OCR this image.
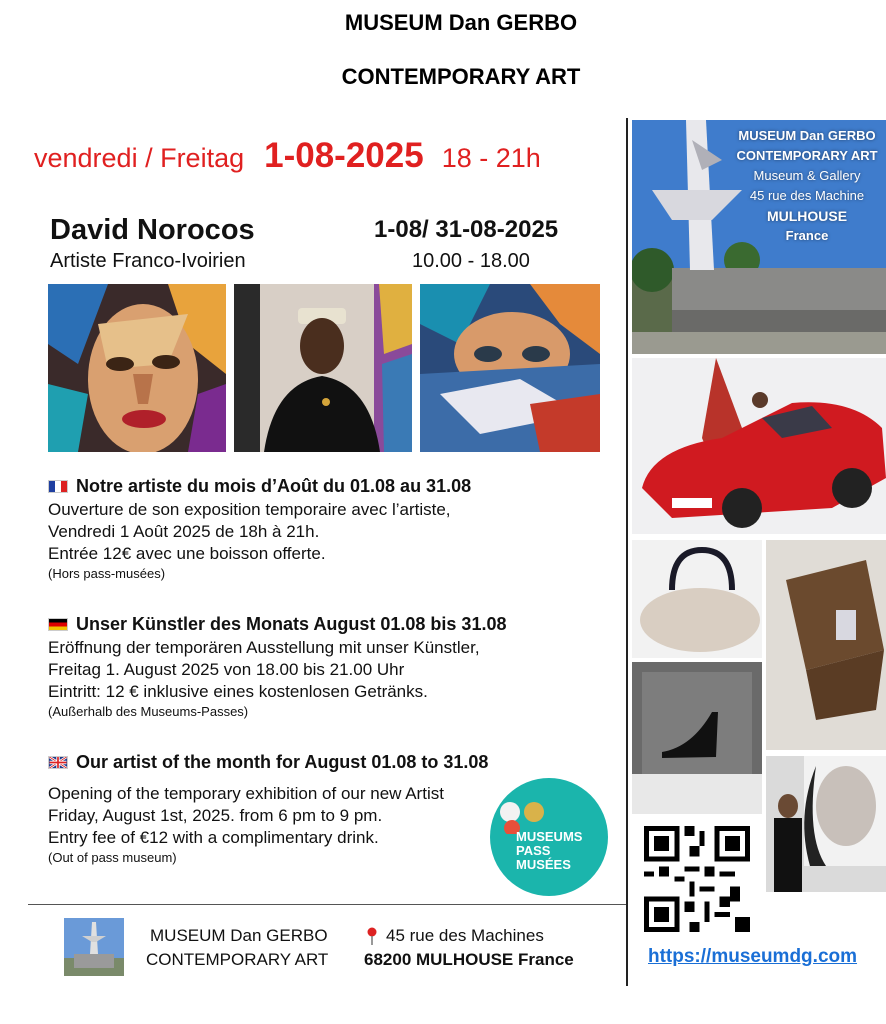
MUSEUM Dan GERBO
CONTEMPORARY ART
vendredi / Freitag 1-08-2025 18 - 21h
David Norocos
Artiste Franco-Ivoirien
1-08/ 31-08-2025
10.00 - 18.00
Notre artiste du mois d’Août du 01.08 au 31.08
Ouverture de son exposition temporaire avec l’artiste,
Vendredi 1 Août 2025 de 18h à 21h.
Entrée 12€ avec une boisson offerte.
(Hors pass-musées)
Unser Künstler des Monats August 01.08 bis 31.08
Eröffnung der temporären Ausstellung mit unser Künstler,
Freitag 1. August 2025 von 18.00 bis 21.00 Uhr
Eintritt: 12 € inklusive eines kostenlosen Getränks.
(Außerhalb des Museums-Passes)
Our artist of the month for August 01.08 to 31.08
Opening of the temporary exhibition of our new Artist
Friday, August 1st, 2025. from 6 pm to 9 pm.
Entry fee of €12 with a complimentary drink.
(Out of pass museum)
MUSEUMS
PASS
MUSÉES
MUSEUM Dan GERBO
CONTEMPORARY ART
45 rue des Machines
68200 MULHOUSE France
MUSEUM Dan GERBO
CONTEMPORARY ART
Museum & Gallery
45 rue des Machine
MULHOUSE
France
https://museumdg.com
